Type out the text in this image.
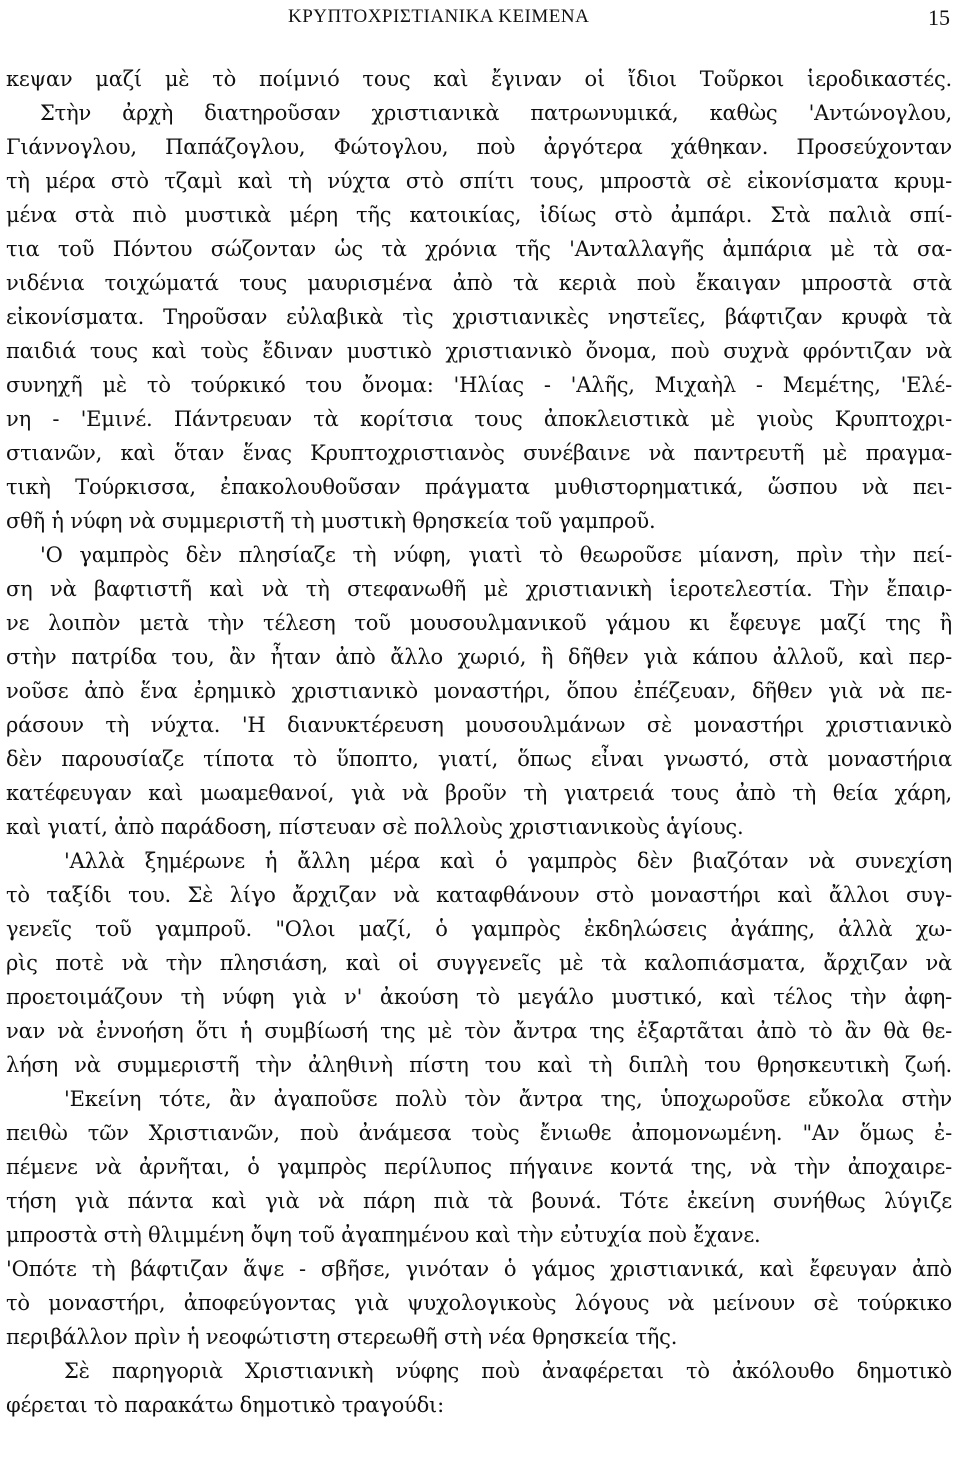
ΚΡΥΠΤΟΧΡΙΣΤΙΑΝΙΚΑ ΚΕΙΜΕΝΑ	15
κεψαν μαζί μὲ τὸ ποίμνιό τους καὶ ἔγιναν οἱ ἴδιοι Τοῦρκοι ἱεροδικαστές.
Στὴν ἀρχὴ διατηροῦσαν χριστιανικὰ πατρωνυμικά, καθὼς 'Αντώνογλου,
Γιάννογλου, Παπάζογλου, Φώτογλου, ποὺ ἀργότερα χάθηκαν. Προσεύχονταν
τὴ μέρα στὸ τζαμὶ καὶ τὴ νύχτα στὸ σπίτι τους, μπροστὰ σὲ εἰκονίσματα κρυμ-
μένα στὰ πιὸ μυστικὰ μέρη τῆς κατοικίας, ἰδίως στὸ ἀμπάρι. Στὰ παλιὰ σπί-
τια τοῦ Πόντου σώζονταν ὡς τὰ χρόνια τῆς 'Ανταλλαγῆς ἀμπάρια μὲ τὰ σα-
νιδένια τοιχώματά τους μαυρισμένα ἀπὸ τὰ κεριὰ ποὺ ἔκαιγαν μπροστὰ στὰ
εἰκονίσματα. Τηροῦσαν εὐλαβικὰ τὶς χριστιανικὲς νηστεῖες, βάφτιζαν κρυφὰ τὰ
παιδιά τους καὶ τοὺς ἔδιναν μυστικὸ χριστιανικὸ ὄνομα, ποὺ συχνὰ φρόντιζαν νὰ
συνηχῆ μὲ τὸ τούρκικό του ὄνομα: 'Ηλίας - 'Αλῆς, Μιχαὴλ - Μεμέτης, 'Ελέ-
νη - 'Εμινέ. Πάντρευαν τὰ κορίτσια τους ἀποκλειστικὰ μὲ γιοὺς Κρυπτοχρι-
στιανῶν, καὶ ὅταν ἕνας Κρυπτοχριστιανὸς συνέβαινε νὰ παντρευτῆ μὲ πραγμα-
τικὴ Τούρκισσα, ἐπακολουθοῦσαν πράγματα μυθιστορηματικά, ὥσπου νὰ πει-
σθῆ ἡ νύφη νὰ συμμεριστῆ τὴ μυστικὴ θρησκεία τοῦ γαμπροῦ.
'Ο γαμπρὸς δὲν πλησίαζε τὴ νύφη, γιατὶ τὸ θεωροῦσε μίανση, πρὶν τὴν πεί-
ση νὰ βαφτιστῆ καὶ νὰ τὴ στεφανωθῆ μὲ χριστιανικὴ ἱεροτελεστία. Τὴν ἔπαιρ-
νε λοιπὸν μετὰ τὴν τέλεση τοῦ μουσουλμανικοῦ γάμου κι ἔφευγε μαζί της ἢ
στὴν πατρίδα του, ἂν ἦταν ἀπὸ ἄλλο χωριό, ἢ δῆθεν γιὰ κάπου ἀλλοῦ, καὶ περ-
νοῦσε ἀπὸ ἕνα ἐρημικὸ χριστιανικὸ μοναστήρι, ὅπου ἐπέζευαν, δῆθεν γιὰ νὰ πε-
ράσουν τὴ νύχτα. 'Η διανυκτέρευση μουσουλμάνων σὲ μοναστήρι χριστιανικὸ
δὲν παρουσίαζε τίποτα τὸ ὕποπτο, γιατί, ὅπως εἶναι γνωστό, στὰ μοναστήρια
κατέφευγαν καὶ μωαμεθανοί, γιὰ νὰ βροῦν τὴ γιατρειά τους ἀπὸ τὴ θεία χάρη,
καὶ γιατί, ἀπὸ παράδοση, πίστευαν σὲ πολλοὺς χριστιανικοὺς ἁγίους.
'Αλλὰ ξημέρωνε ἡ ἄλλη μέρα καὶ ὁ γαμπρὸς δὲν βιαζόταν νὰ συνεχίση
τὸ ταξίδι του. Σὲ λίγο ἄρχιζαν νὰ καταφθάνουν στὸ μοναστήρι καὶ ἄλλοι συγ-
γενεῖς τοῦ γαμπροῦ. "Ολοι μαζί, ὁ γαμπρὸς ἐκδηλώσεις ἀγάπης, ἀλλὰ χω-
ρὶς ποτὲ νὰ τὴν πλησιάση, καὶ οἱ συγγενεῖς μὲ τὰ καλοπιάσματα, ἄρχιζαν νὰ
προετοιμάζουν τὴ νύφη γιὰ ν' ἀκούση τὸ μεγάλο μυστικό, καὶ τέλος τὴν ἀφη-
ναν νὰ ἐννοήση ὅτι ἡ συμβίωσή της μὲ τὸν ἄντρα της ἐξαρτᾶται ἀπὸ τὸ ἂν θὰ θε-
λήση νὰ συμμεριστῆ τὴν ἀληθινὴ πίστη του καὶ τὴ διπλὴ του θρησκευτικὴ ζωή.
'Εκείνη τότε, ἂν ἀγαποῦσε πολὺ τὸν ἄντρα της, ὑποχωροῦσε εὔκολα στὴν
πειθὼ τῶν Χριστιανῶν, ποὺ ἀνάμεσα τοὺς ἔνιωθε ἀπομονωμένη. "Αν ὅμως ἐ-
πέμενε νὰ ἀρνῆται, ὁ γαμπρὸς περίλυπος πήγαινε κοντά της, νὰ τὴν ἀποχαιρε-
τήση γιὰ πάντα καὶ γιὰ νὰ πάρη πιὰ τὰ βουνά. Τότε ἐκείνη συνήθως λύγιζε
μπροστὰ στὴ θλιμμένη ὄψη τοῦ ἀγαπημένου καὶ τὴν εὐτυχία ποὺ ἔχανε.
'Οπότε τὴ βάφτιζαν ἅψε - σβῆσε, γινόταν ὁ γάμος χριστιανικά, καὶ ἔφευγαν ἀπὸ
τὸ μοναστήρι, ἀποφεύγοντας γιὰ ψυχολογικοὺς λόγους νὰ μείνουν σὲ τούρκικο
περιβάλλον πρὶν ἡ νεοφώτιστη στερεωθῆ στὴ νέα θρησκεία τῆς.
Σὲ παρηγοριὰ Χριστιανικὴ νύφης ποὺ ἀναφέρεται τὸ ἀκόλουθο δημοτικὸ
φέρεται τὸ παρακάτω δημοτικὸ τραγούδι:
